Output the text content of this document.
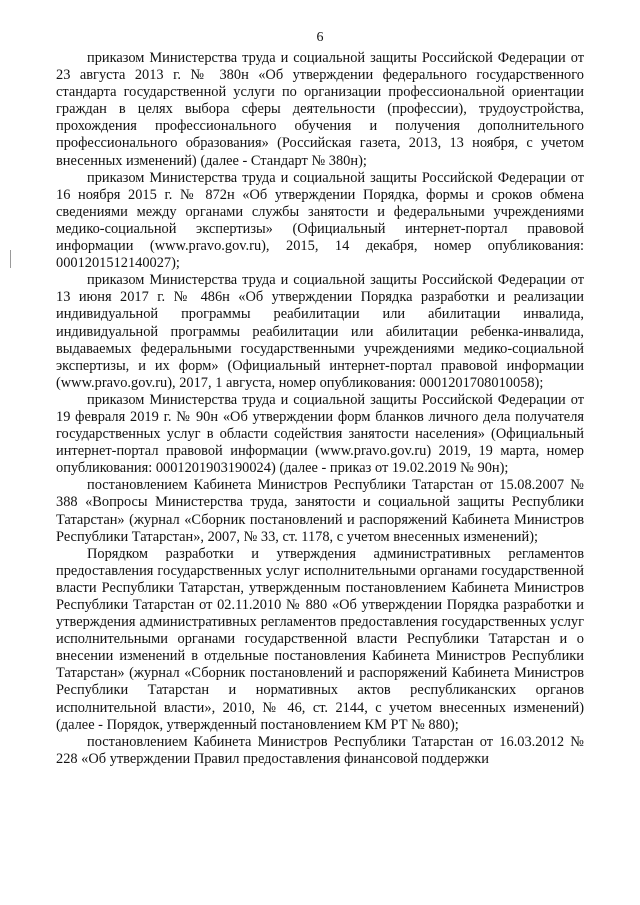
6

приказом Министерства труда и социальной защиты Российской Федерации от 23 августа 2013 г. № 380н «Об утверждении федерального государственного стандарта государственной услуги по организации профессиональной ориентации граждан в целях выбора сферы деятельности (профессии), трудоустройства, прохождения профессионального обучения и получения дополнительного профессионального образования» (Российская газета, 2013, 13 ноября, с учетом внесенных изменений) (далее - Стандарт № 380н);

приказом Министерства труда и социальной защиты Российской Федерации от 16 ноября 2015 г. № 872н «Об утверждении Порядка, формы и сроков обмена сведениями между органами службы занятости и федеральными учреждениями медико-социальной экспертизы» (Официальный интернет-портал правовой информации (www.pravo.gov.ru), 2015, 14 декабря, номер опубликования: 0001201512140027);

приказом Министерства труда и социальной защиты Российской Федерации от 13 июня 2017 г. № 486н «Об утверждении Порядка разработки и реализации индивидуальной программы реабилитации или абилитации инвалида, индивидуальной программы реабилитации или абилитации ребенка-инвалида, выдаваемых федеральными государственными учреждениями медико-социальной экспертизы, и их форм» (Официальный интернет-портал правовой информации (www.pravo.gov.ru), 2017, 1 августа, номер опубликования: 0001201708010058);

приказом Министерства труда и социальной защиты Российской Федерации от 19 февраля 2019 г. № 90н «Об утверждении форм бланков личного дела получателя государственных услуг в области содействия занятости населения» (Официальный интернет-портал правовой информации (www.pravo.gov.ru) 2019, 19 марта, номер опубликования: 0001201903190024) (далее - приказ от 19.02.2019 № 90н);

постановлением Кабинета Министров Республики Татарстан от 15.08.2007 № 388 «Вопросы Министерства труда, занятости и социальной защиты Республики Татарстан» (журнал «Сборник постановлений и распоряжений Кабинета Министров Республики Татарстан», 2007, № 33, ст. 1178, с учетом внесенных изменений);

Порядком разработки и утверждения административных регламентов предоставления государственных услуг исполнительными органами государственной власти Республики Татарстан, утвержденным постановлением Кабинета Министров Республики Татарстан от 02.11.2010 № 880 «Об утверждении Порядка разработки и утверждения административных регламентов предоставления государственных услуг исполнительными органами государственной власти Республики Татарстан и о внесении изменений в отдельные постановления Кабинета Министров Республики Татарстан» (журнал «Сборник постановлений и распоряжений Кабинета Министров Республики Татарстан и нормативных актов республиканских органов исполнительной власти», 2010, № 46, ст. 2144, с учетом внесенных изменений) (далее - Порядок, утвержденный постановлением КМ РТ № 880);

постановлением Кабинета Министров Республики Татарстан от 16.03.2012 № 228 «Об утверждении Правил предоставления финансовой поддержки
